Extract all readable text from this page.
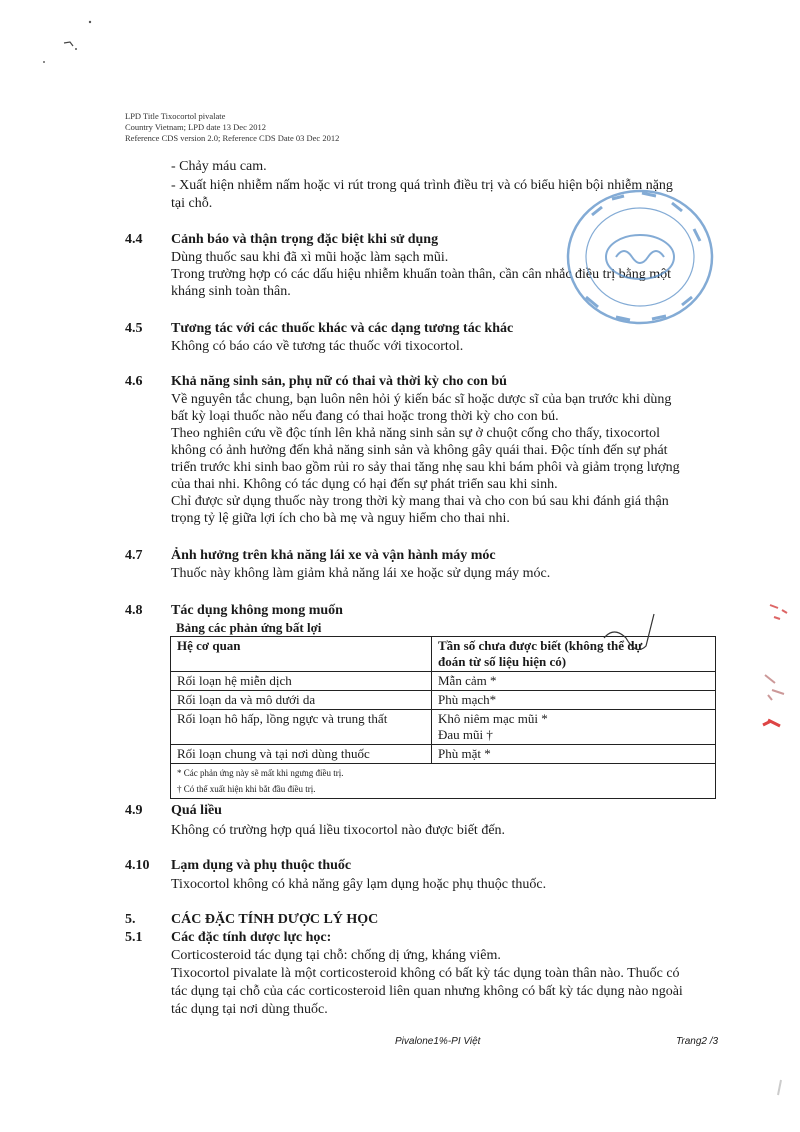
LPD Title Tixocortol pivalate
Country Vietnam; LPD date 13 Dec 2012
Reference CDS version 2.0; Reference CDS Date 03 Dec 2012
- Chảy máu cam.
- Xuất hiện nhiễm nấm hoặc vi rút trong quá trình điều trị và có biểu hiện bội nhiễm nặng
tại chỗ.
4.4 Cảnh báo và thận trọng đặc biệt khi sử dụng
Dùng thuốc sau khi đã xì mũi hoặc làm sạch mũi.
Trong trường hợp có các dấu hiệu nhiễm khuẩn toàn thân, cần cân nhắc điều trị bằng một
kháng sinh toàn thân.
4.5 Tương tác với các thuốc khác và các dạng tương tác khác
Không có báo cáo về tương tác thuốc với tixocortol.
4.6 Khả năng sinh sản, phụ nữ có thai và thời kỳ cho con bú
Về nguyên tắc chung, bạn luôn nên hỏi ý kiến bác sĩ hoặc dược sĩ của bạn trước khi dùng
bất kỳ loại thuốc nào nếu đang có thai hoặc trong thời kỳ cho con bú.
Theo nghiên cứu về độc tính lên khả năng sinh sản sự ở chuột cống cho thấy, tixocortol
không có ảnh hưởng đến khả năng sinh sản và không gây quái thai. Độc tính đến sự phát
triển trước khi sinh bao gồm rủi ro sảy thai tăng nhẹ sau khi bám phôi và giảm trọng lượng
của thai nhi. Không có tác dụng có hại đến sự phát triển sau khi sinh.
Chỉ được sử dụng thuốc này trong thời kỳ mang thai và cho con bú sau khi đánh giá thận
trọng tỷ lệ giữa lợi ích cho bà mẹ và nguy hiểm cho thai nhi.
4.7 Ảnh hưởng trên khả năng lái xe và vận hành máy móc
Thuốc này không làm giảm khả năng lái xe hoặc sử dụng máy móc.
4.8 Tác dụng không mong muốn
Bảng các phản ứng bất lợi
Hệ cơ quan	Tần số chưa được biết (không thể dự
đoán từ số liệu hiện có)

Rối loạn hệ miễn dịch	Mẫn cảm *
Rối loạn da và mô dưới da	Phù mạch*
Rối loạn hô hấp, lồng ngực và trung thất	Khô niêm mạc mũi *
Đau mũi †

Rối loạn chung và tại nơi dùng thuốc	Phù mặt *

* Các phản ứng này sẽ mất khi ngưng điều trị.
† Có thể xuất hiện khi bắt đầu điều trị.	
4.9 Quá liều
Không có trường hợp quá liều tixocortol nào được biết đến.
4.10 Lạm dụng và phụ thuộc thuốc
Tixocortol không có khả năng gây lạm dụng hoặc phụ thuộc thuốc.
5.	CÁC ĐẶC TÍNH DƯỢC LÝ HỌC
5.1 Các đặc tính dược lực học:
Corticosteroid tác dụng tại chỗ: chống dị ứng, kháng viêm.
Tixocortol pivalate là một corticosteroid không có bất kỳ tác dụng toàn thân nào. Thuốc có
tác dụng tại chỗ của các corticosteroid liên quan nhưng không có bất kỳ tác dụng nào ngoài
tác dụng tại nơi dùng thuốc.
Pivalone1%-PI Việt	Trang2 /3
